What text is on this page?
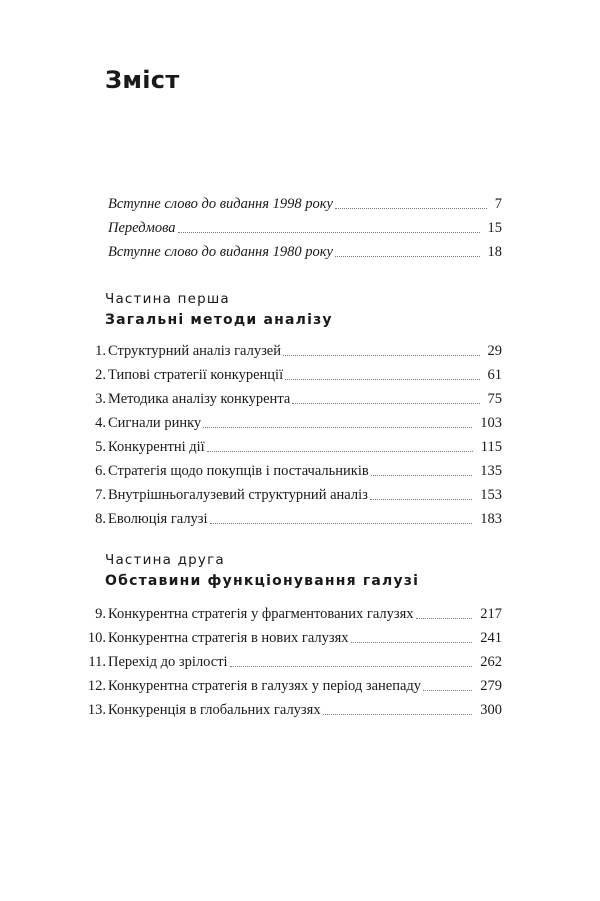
Зміст
Вступне слово до видання 1998 року	7
Передмова	15
Вступне слово до видання 1980 року	18
Частина перша
Загальні методи аналізу
1. Структурний аналіз галузей	29
2. Типові стратегії конкуренції	61
3. Методика аналізу конкурента	75
4. Сигнали ринку	103
5. Конкурентні дії	115
6. Стратегія щодо покупців і постачальників	135
7. Внутрішньогалузевий структурний аналіз	153
8. Еволюція галузі	183
Частина друга
Обставини функціонування галузі
9. Конкурентна стратегія у фрагментованих галузях	217
10. Конкурентна стратегія в нових галузях	241
11. Перехід до зрілості	262
12. Конкурентна стратегія в галузях у період занепаду	279
13. Конкуренція в глобальних галузях	300
